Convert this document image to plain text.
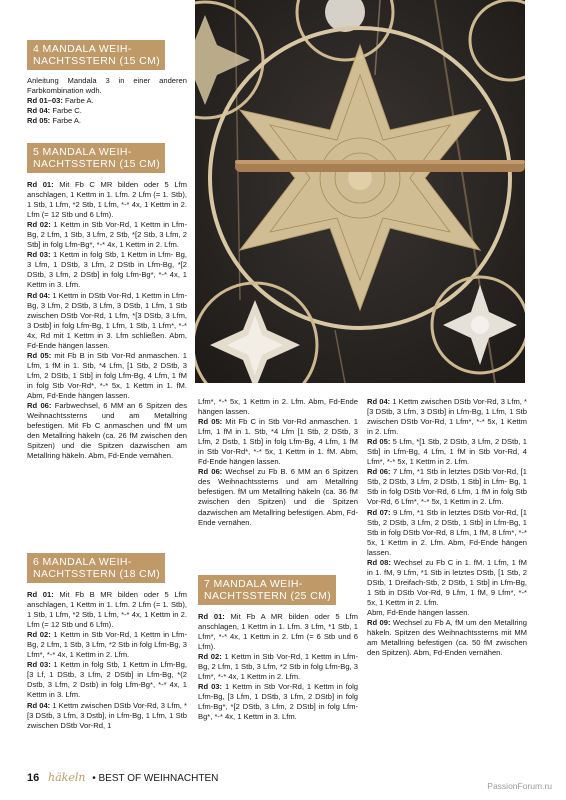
4 MANDALA WEIH-
NACHTSSTERN (15 CM)

Anleitung Mandala 3 in einer anderen Farbkombination wdh.

Rd 01–03: Farbe A.

Rd 04: Farbe C.

Rd 05: Farbe A.

5 MANDALA WEIH-
NACHTSSTERN (15 CM)

Rd 01: Mit Fb C MR bilden oder 5 Lfm anschlagen, 1 Kettm in 1. Lfm. 2 Lfm (= 1. Stb), 1 Stb, 1 Lfm, *2 Stb, 1 Lfm, *-* 4x, 1 Kettm in 2. Lfm (= 12 Stb und 6 Lfm).

Rd 02: 1 Kettm in Stb Vor-Rd, 1 Kettm in Lfm-Bg, 2 Lfm, 1 Stb, 3 Lfm, 2 Stb, *[2 Stb, 3 Lfm, 2 Stb] in folg Lfm-Bg*, *-* 4x, 1 Kettm in 2. Lfm.

Rd 03: 1 Kettm in folg Stb, 1 Kettm in Lfm- Bg, 3 Lfm, 1 DStb, 3 Lfm, 2 DStb in Lfm-Bg, *[2 DStb, 3 Lfm, 2 DStb] in folg Lfm-Bg*, *-* 4x, 1 Kettm in 3. Lfm.

Rd 04: 1 Kettm in DStb Vor-Rd, 1 Kettm in Lfm-Bg, 3 Lfm, 2 DStb, 3 Lfm, 3 DStb, 1 Lfm, 1 Stb zwischen DStb Vor-Rd, 1 Lfm, *[3 DStb, 3 Lfm, 3 Dstb] in folg Lfm-Bg, 1 Lfm, 1 Stb, 1 Lfm*, *-* 4x, Rd mit 1 Kettm in 3. Lfm schließen. Abm, Fd-Ende hängen lassen.

Rd 05: mit Fb B in Stb Vor-Rd anmaschen. 1 Lfm, 1 fM in 1. Stb, *4 Lfm, [1 Stb, 2 DStb, 3 Lfm, 2 DStb, 1 Stb] in folg Lfm-Bg, 4 Lfm, 1 fM in folg Stb Vor-Rd*, *-* 5x, 1 Kettm in 1. fM. Abm, Fd-Ende hängen lassen.

Rd 06: Farbwechsel, 6 MM an 6 Spitzen des Weihnachtssterns und am Metallring befestigen. Mit Fb C anmaschen und fM um den Metallring häkeln (ca. 26 fM zwischen den Spitzen) und die Spitzen dazwischen am Metallring häkeln. Abm, Fd-Ende vernähen.

6 MANDALA WEIH-
NACHTSSTERN (18 CM)

Rd 01: Mit Fb B MR bilden oder 5 Lfm anschlagen, 1 Kettm in 1. Lfm. 2 Lfm (= 1. Stb), 1 Stb, 1 Lfm, *2 Stb, 1 Lfm, *-* 4x, 1 Kettm in 2. Lfm (= 12 Stb und 6 Lfm).

Rd 02: 1 Kettm in Stb Vor-Rd, 1 Kettm in Lfm-Bg, 2 Lfm, 1 Stb, 3 Lfm, *2 Stb in folg Lfm-Bg, 3 Lfm*, *-* 4x, 1 Kettm in 2. Lfm.

Rd 03: 1 Kettm in folg Stb, 1 Kettm in Lfm-Bg, [3 Lf, 1 DStb, 3 Lfm, 2 DStb] in Lfm-Bg, *(2 Dstb, 3 Lfm, 2 Dstb) in folg Lfm-Bg*, *-* 4x, 1 Kettm in 3. Lfm.

Rd 04: 1 Kettm zwischen DStb Vor-Rd, 3 Lfm, *[3 DStb, 3 Lfm, 3 Dstb], in Lfm-Bg, 1 Lfm, 1 Stb zwischen DStb Vor-Rd, 1

Lfm*, *-* 5x, 1 Kettm in 2. Lfm. Abm, Fd-Ende hängen lassen.

Rd 05: Mit Fb C in Stb Vor-Rd anmaschen. 1 Lfm, 1 fM in 1. Stb, *4 Lfm [1 Stb, 2 DStb, 3 Lfm, 2 Dstb, 1 Stb] in folg Lfm-Bg, 4 Lfm, 1 fM in Stb Vor-Rd*, *-* 5x, 1 Kettm in 1. fM. Abm, Fd-Ende hängen lassen.

Rd 06: Wechsel zu Fb B. 6 MM an 6 Spitzen des Weihnachtssterns und am Metallring befestigen. fM um Metallring häkeln (ca. 36 fM zwischen den Spitzen) und die Spitzen dazwischen am Metallring befestigen. Abm, Fd-Ende vernähen.

7 MANDALA WEIH-
NACHTSSTERN (25 CM)

Rd 01: Mit Fb A MR bilden oder 5 Lfm anschlagen, 1 Kettm in 1. Lfm. 3 Lfm, *1 Stb, 1 Lfm*, *-* 4x, 1 Kettm in 2. Lfm (= 6 Stb und 6 Lfm).

Rd 02: 1 Kettm in Stb Vor-Rd, 1 Kettm in Lfm-Bg, 2 Lfm, 1 Stb, 3 Lfm, *2 Stb in folg Lfm-Bg, 3 Lfm*, *-* 4x, 1 Kettm in 2. Lfm.

Rd 03: 1 Kettm in Stb Vor-Rd, 1 Kettm in folg Lfm-Bg, [3 Lfm, 1 DStb, 3 Lfm, 2 DStb] in folg Lfm-Bg*, *[2 DStb, 3 Lfm, 2 DStb] in folg Lfm-Bg*, *-* 4x, 1 Kettm in 3. Lfm.

Rd 04: 1 Kettm zwischen DStb Vor-Rd, 3 Lfm, *[3 DStb, 3 Lfm, 3 DStb] in Lfm-Bg, 1 Lfm, 1 Stb zwischen DStb Vor-Rd, 1 Lfm*, *-* 5x, 1 Kettm in 2. Lfm.

Rd 05: 5 Lfm, *[1 Stb, 2 DStb, 3 Lfm, 2 DStb, 1 Stb] in Lfm-Bg, 4 Lfm, 1 fM in Stb Vor-Rd, 4 Lfm*, *-* 5x, 1 Kettm in 2. Lfm.

Rd 06: 7 Lfm, *1 Stb in letztes DStb Vor-Rd, [1 Stb, 2 DStb, 3 Lfm, 2 DStb, 1 Stb] in Lfm- Bg, 1 Stb in folg DStb Vor-Rd, 6 Lfm, 1 fM in folg Stb Vor-Rd, 6 Lfm*, *-* 5x, 1 Kettm in 2. Lfm.

Rd 07: 9 Lfm, *1 Stb in letztes DStb Vor-Rd, [1 Stb, 2 DStb, 3 Lfm, 2 DStb, 1 Stb] in Lfm-Bg, 1 Stb in folg DStb Vor-Rd, 8 Lfm, 1 fM, 8 Lfm*, *-* 5x, 1 Kettm in 2. Lfm. Abm, Fd-Ende hängen lassen.

Rd 08: Wechsel zu Fb C in 1. fM. 1 Lfm, 1 fM in 1. fM, 9 Lfm, *1 Stb in letztes DStb, [1 Stb, 2 DStb, 1 Dreifach-Stb, 2 DStb, 1 Stb] in Lfm-Bg, 1 Stb in DStb Vor-Rd, 9 Lfm, 1 fM, 9 Lfm*, *-* 5x, 1 Kettm in 2. Lfm.

Abm, Fd-Ende hängen lassen.

Rd 09: Wechsel zu Fb A, fM um den Metallring häkeln. Spitzen des Weihnachtssterns mit MM am Metallring befestigen (ca. 50 fM zwischen den Spitzen). Abm, Fd-Enden vernähen.

16 häkeln • BEST OF WEIHNACHTEN
PassionForum.ru
